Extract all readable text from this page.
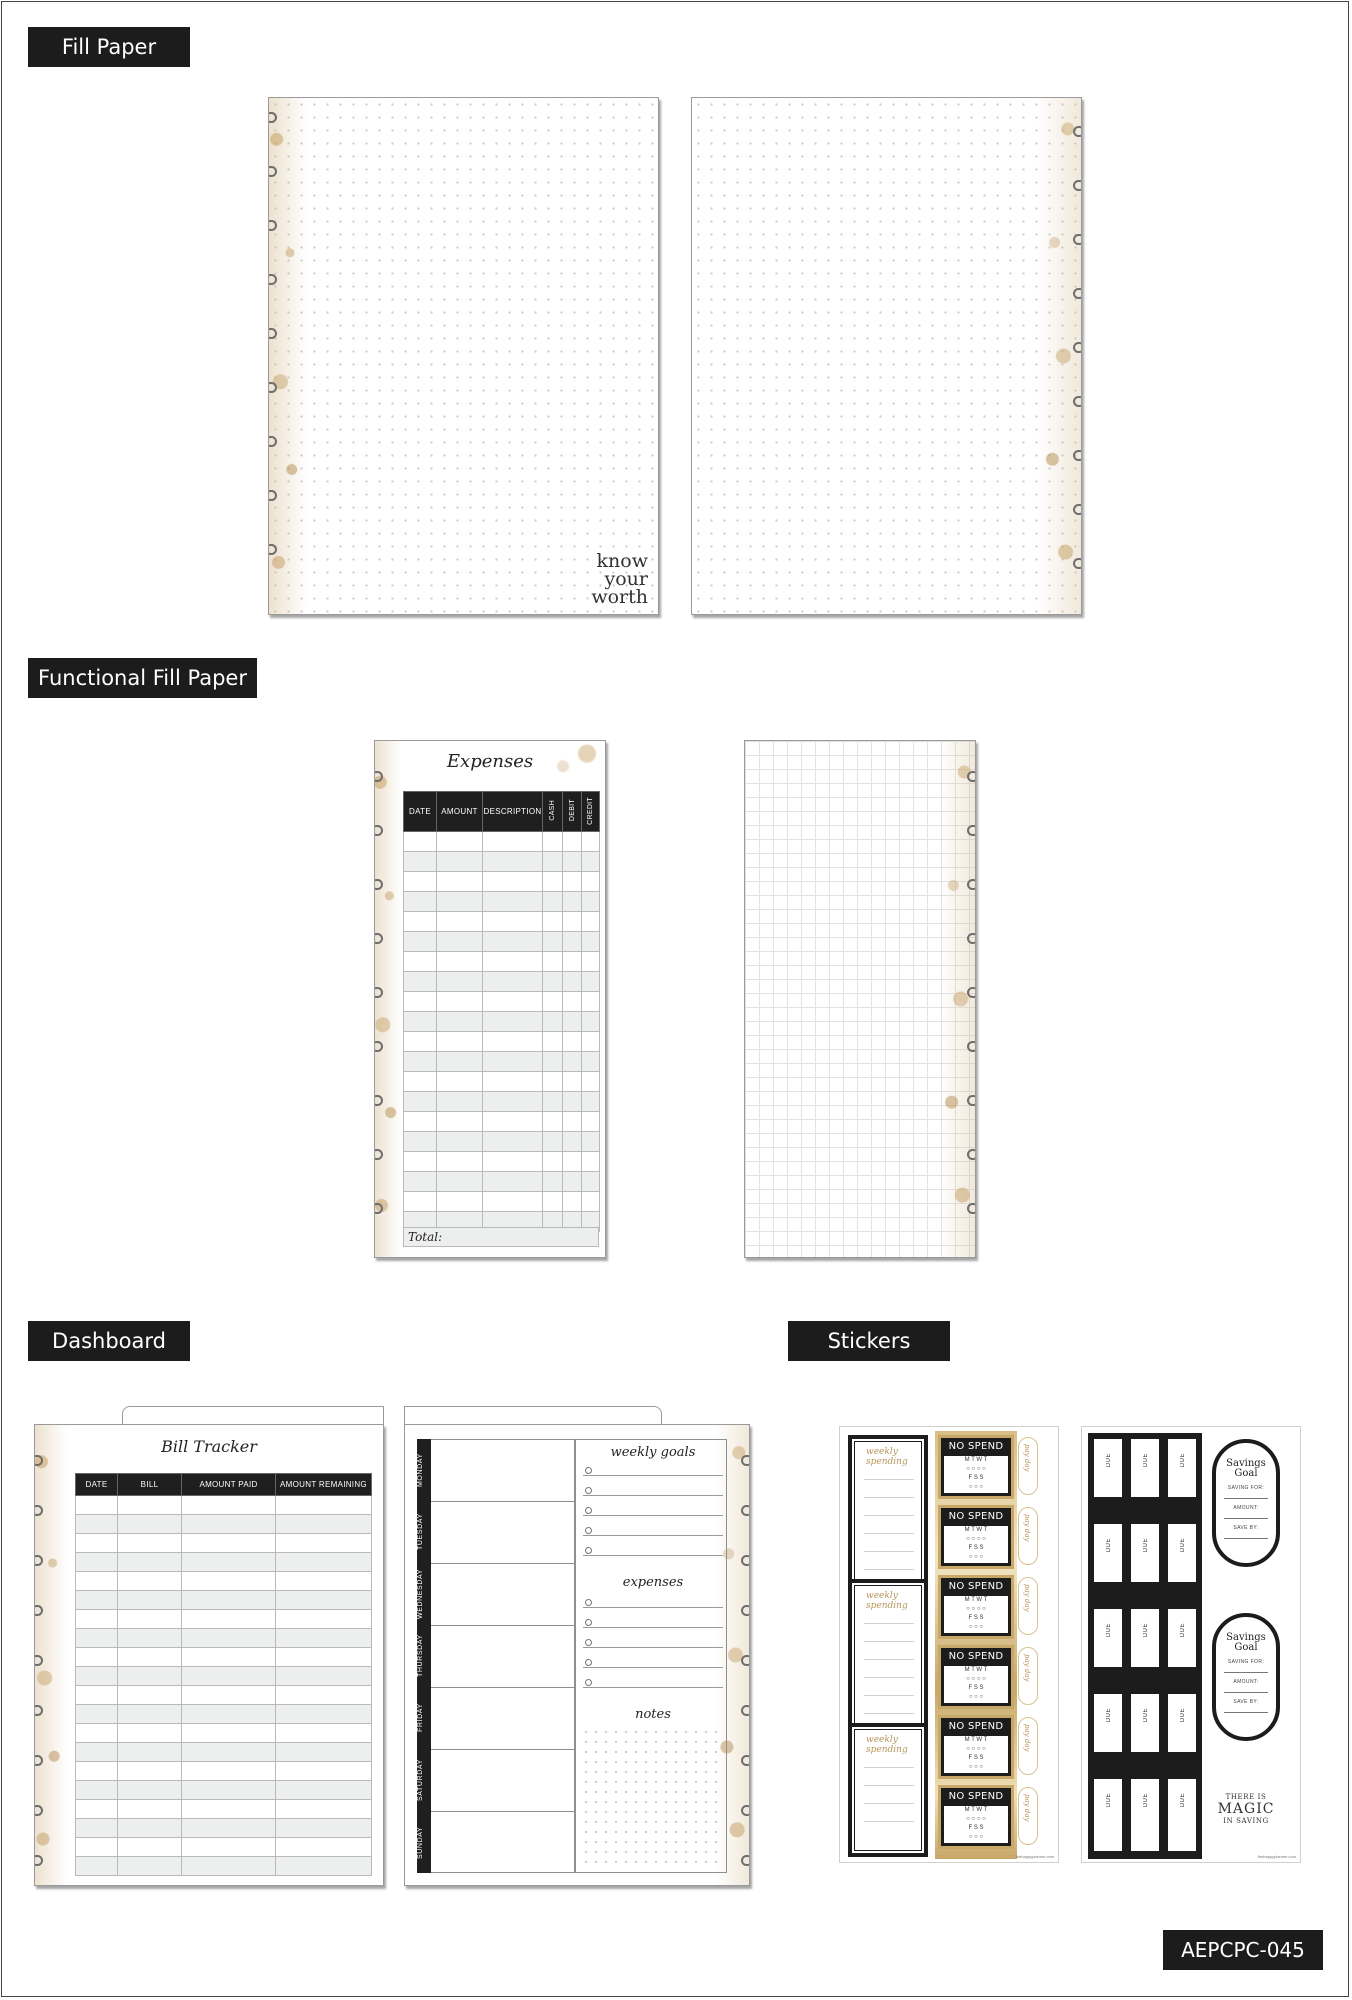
Fill Paper
Functional Fill Paper
Dashboard	Stickers
know
your
worth
Expenses
DATE	AMOUNT	DESCRIPTION	CASH	DEBIT	CREDIT

Total:
Bill Tracker
DATE	BILL	AMOUNT PAID	AMOUNT REMAINING

				MONDAY
TUESDAY
WEDNESDAY
THURSDAY
FRIDAY
SATURDAY
SUNDAY
weekly goals
expenses
notes
weekly spending
weekly spending
weekly spending
NO SPEND
M T W T
○ ○ ○ ○
F S S
○ ○ ○
NO SPEND
M T W T
○ ○ ○ ○
F S S
○ ○ ○
NO SPEND
M T W T
○ ○ ○ ○
F S S
○ ○ ○
NO SPEND
M T W T
○ ○ ○ ○
F S S
○ ○ ○
NO SPEND
M T W T
○ ○ ○ ○
F S S
○ ○ ○
NO SPEND
M T W T
○ ○ ○ ○
F S S
○ ○ ○
pay day
pay day
pay day
pay day
pay day
pay day
thehappyplanner.com
DUE	DUE	DUE
DUE	DUE	DUE
DUE	DUE	DUE
DUE	DUE	DUE
DUE	DUE	DUE
Savings Goal
SAVING FOR:
AMOUNT:
SAVE BY:
Savings Goal
SAVING FOR:
AMOUNT:
SAVE BY:
THERE IS
MAGIC
IN SAVING
thehappyplanner.com
AEPCPC-045
